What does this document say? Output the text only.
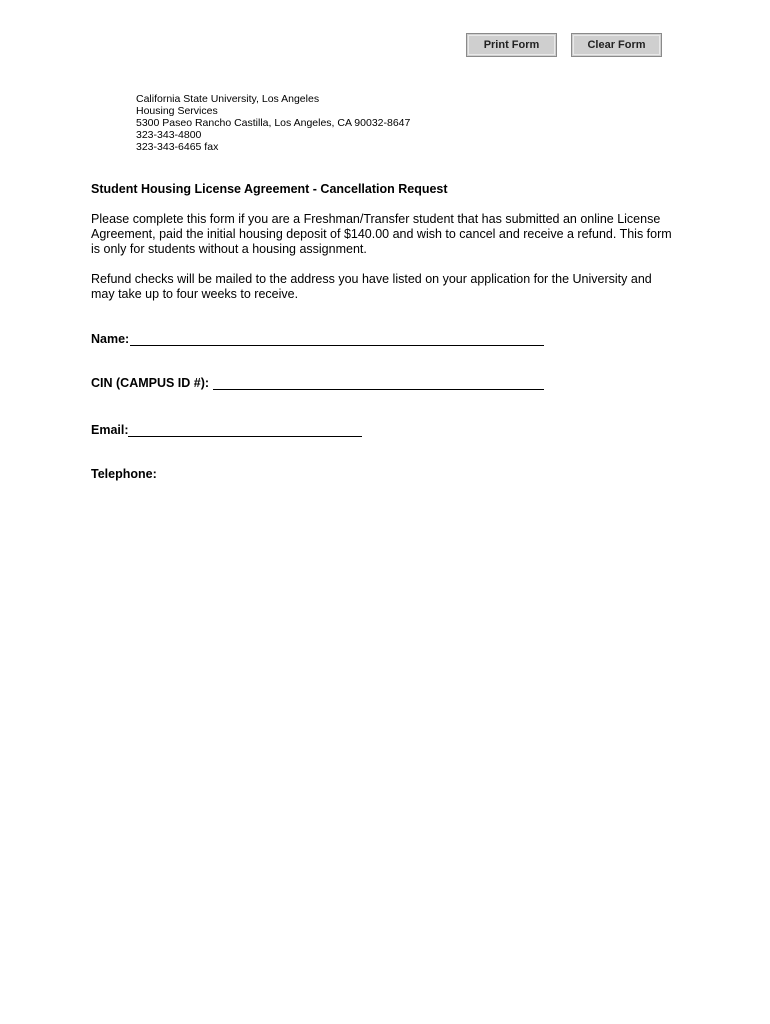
Print Form	Clear Form
California State University, Los Angeles
Housing Services
5300 Paseo Rancho Castilla, Los Angeles, CA 90032-8647
323-343-4800
323-343-6465 fax
Student Housing License Agreement - Cancellation Request
Please complete this form if you are a Freshman/Transfer student that has submitted an online License
Agreement, paid the initial housing deposit of $140.00 and wish to cancel and receive a refund. This form
is only for students without a housing assignment.
Refund checks will be mailed to the address you have listed on your application for the University and
may take up to four weeks to receive.
Name:
CIN (CAMPUS ID #):
Email:
Telephone:
